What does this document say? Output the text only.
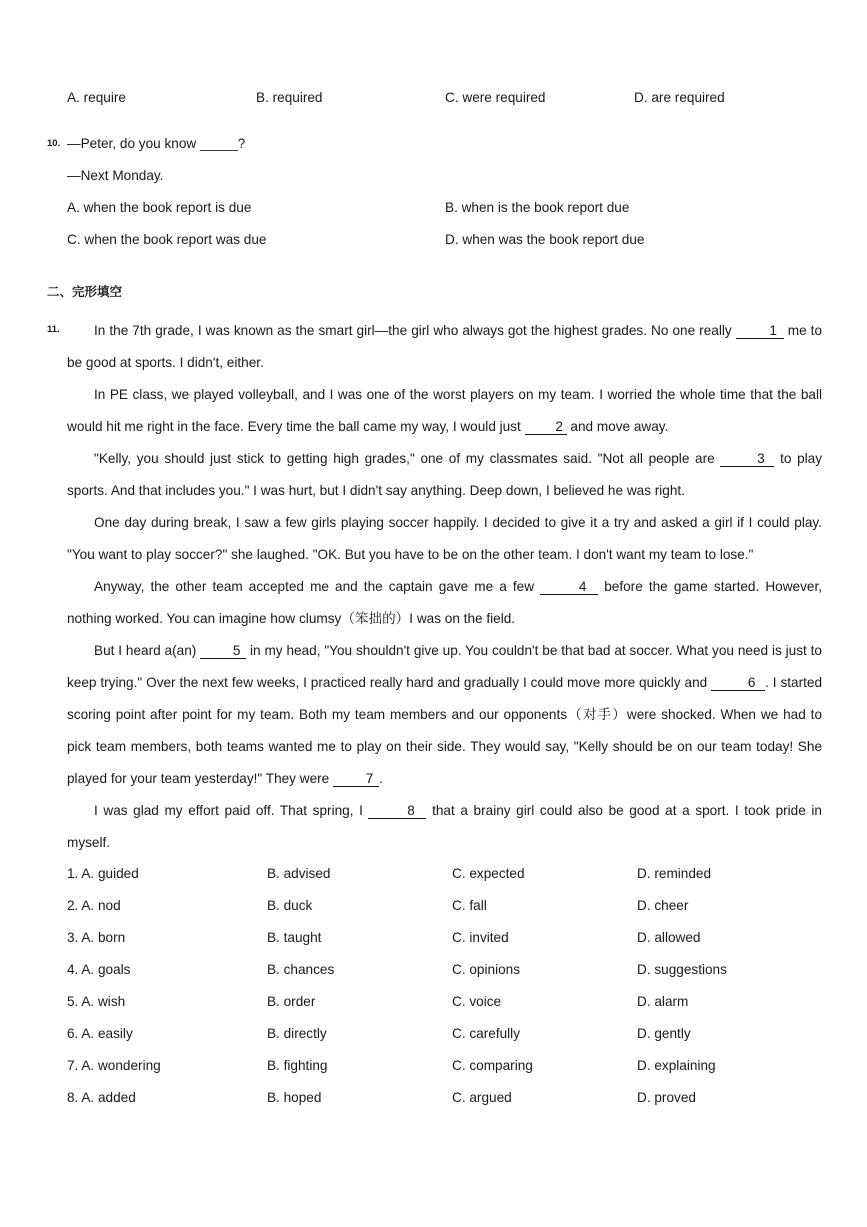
A. require	B. required	C. were required	D. are required
10. —Peter, do you know _____?
—Next Monday.
A. when the book report is due	B. when is the book report due
C. when the book report was due	D. when was the book report due
二、完形填空
11.	In the 7th grade, I was known as the smart girl—the girl who always got the highest grades. No one really 1 me to be good at sports. I didn't, either.

In PE class, we played volleyball, and I was one of the worst players on my team. I worried the whole time that the ball would hit me right in the face. Every time the ball came my way, I would just 2 and move away.

"Kelly, you should just stick to getting high grades," one of my classmates said. "Not all people are	3 to play sports. And that includes you." I was hurt, but I didn't say anything. Deep down, I believed he was right.

One day during break, I saw a few girls playing soccer happily. I decided to give it a try and asked a girl if I could play. "You want to play soccer?" she laughed. "OK. But you have to be on the other team. I don't want my team to lose."

Anyway, the other team accepted me and the captain gave me a few	4 before the game started. However, nothing worked. You can imagine how clumsy（笨拙的）I was on the field.

But I heard a(an) 5 in my head, "You shouldn't give up. You couldn't be that bad at soccer. What you need is just to keep trying." Over the next few weeks, I practiced really hard and gradually I could move more quickly and	6 . I started scoring point after point for my team. Both my team members and our opponents（对手）were shocked. When we had to pick team members, both teams wanted me to play on their side. They would say, "Kelly should be on our team today! She played for your team yesterday!" They were 7 .

I was glad my effort paid off. That spring, I	8 that a brainy girl could also be good at a sport. I took pride in myself.

1. A. guided	B. advised	C. expected	D. reminded
2. A. nod	B. duck	C. fall	D. cheer
3. A. born	B. taught	C. invited	D. allowed
4. A. goals	B. chances	C. opinions	D. suggestions
5. A. wish	B. order	C. voice	D. alarm
6. A. easily	B. directly	C. carefully	D. gently
7. A. wondering	B. fighting	C. comparing	D. explaining
8. A. added	B. hoped	C. argued	D. proved
